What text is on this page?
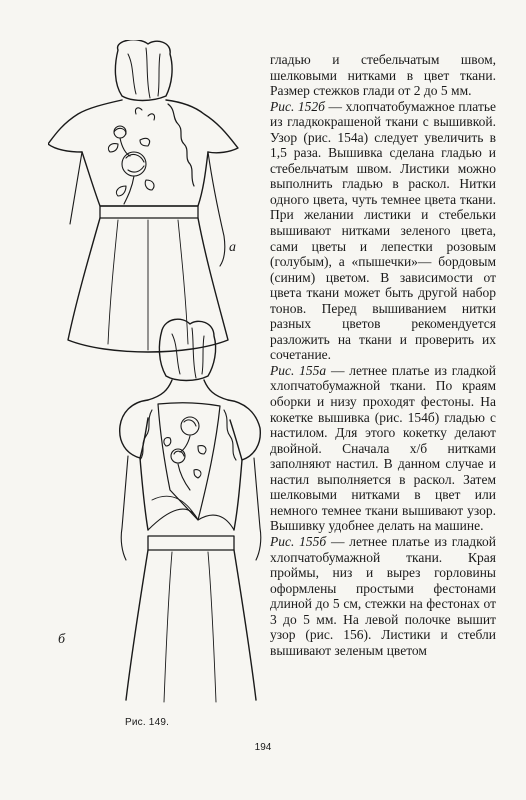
а
б
Рис. 149.

гладью и стебельчатым швом, шелковыми нитками в цвет ткани. Размер стежков глади от 2 до 5 мм.

Рис. 152б — хлопчатобумажное платье из гладкокрашеной ткани с вышивкой. Узор (рис. 154а) следует увеличить в 1,5 раза. Вышивка сделана гладью и стебельчатым швом. Листики можно выполнить гладью в раскол. Нитки одного цвета, чуть темнее цвета ткани. При желании листики и стебельки вышивают нитками зеленого цвета, сами цветы и лепестки розовым (голубым), а «пышечки»— бордовым (синим) цветом. В зависимости от цвета ткани может быть другой набор тонов. Перед вышиванием нитки разных цветов рекомендуется разложить на ткани и проверить их сочетание.

Рис. 155а — летнее платье из гладкой хлопчатобумажной ткани. По краям оборки и низу проходят фестоны. На кокетке вышивка (рис. 154б) гладью с настилом. Для этого кокетку делают двойной. Сначала х/б нитками заполняют настил. В данном случае и настил выполняется в раскол. Затем шелковыми нитками в цвет или немного темнее ткани вышивают узор. Вышивку удобнее делать на машине.

Рис. 155б — летнее платье из гладкой хлопчатобумажной ткани. Края проймы, низ и вырез горловины оформлены простыми фестонами длиной до 5 см, стежки на фестонах от 3 до 5 мм. На левой полочке вышит узор (рис. 156). Листики и стебли вышивают зеленым цветом

194
